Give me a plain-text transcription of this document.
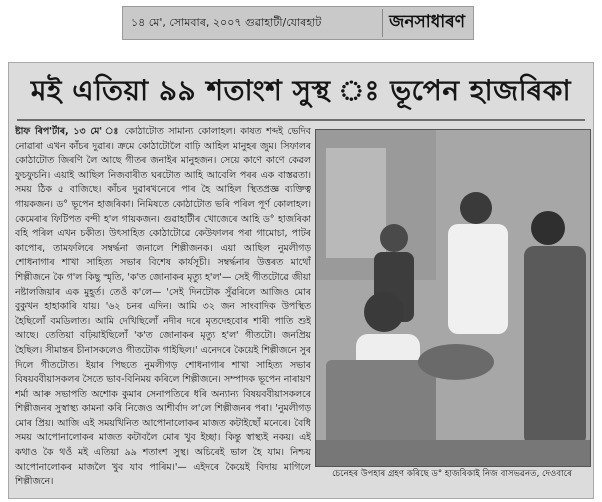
১৪ মে', সোমবাৰ, ২০০৭ গুৱাহাটী/যোৰহাট	জনসাধাৰণ
মই এতিয়া ৯৯ শতাংশ সুস্থ ঃ ভূপেন হাজৰিকা
ষ্টাফ ৰিপ'ৰ্টাৰ, ১৩ মে' ঃ কোঠাটোত সামান্য কোলাহল। কাষত শব্দই ভেদিব নোৱাৰা এখন কাঁচৰ দুৱাৰ। ক্ৰমে কোঠাটোলৈ বাঢ়ি আহিল মানুহৰ জুম। সিফালৰ কোঠাটোত জিৰণি লৈ আছে গীতৰ জনাইৰ মানুহজন। সেয়ে কাণে কাণে কেৱল ফুচফুচনি। এয়াই আছিল নিজবাৰীত ঘৰটোত আহি আবেলি পৰৰ এক বাস্তৱতা। সময় ঠিক ৫ বাজিছে। কাঁচৰ দুৱাৰখনেৰে পাৰ হৈ আহিল স্থিতপ্ৰজ্ঞ ব্যক্তিত্ব গায়কজন। ড° ভূপেন হাজৰিকা। নিমিষতে কোঠাটোত ভৰি পৰিল পূৰ্ণ কোলাহল। কেমেৰাৰ ফিটিপত বন্দী হ'ল গায়কজন। গুৱাহাটীৰ খোজেৰে আহি ড° হাজৰিকা বহি পৰিল এখন চকীত। উৎসাহিত কোঠাটোৱে কেউফালৰ পৰা গামোচা, পাটৰ কাপোৰ, তামফলিৰে সম্বৰ্দ্ধনা জনালে শিল্পীজনক। এয়া আছিল নুমলীগড় শোধনাগাৰ শাখা সাহিত্য সভাৰ বিশেষ কাৰ্যসূচী। সম্বৰ্দ্ধনাৰ উত্তৰত মাথোঁ শিল্পীজনে কৈ গ'ল কিছু স্মৃতি, 'ক'ত জোনাকৰ মৃত্যু হ'ল'— সেই গীতটোৱে জীয়া নষ্টালজিয়াৰ এক মুহূৰ্ত। তেওঁ ক'লে— 'সেই দিনটোক সুঁৱৰিলে আজিও মোৰ বুকুখন হাহাকাৰি যায়। '৬২ চনৰ এদিন। আমি ৩২ জন সাংবাদিক উপস্থিত হৈছিলোঁ বমডিলাত। আমি দেখিছিলোঁ নদীৰ দৰে মৃতদেহবোৰ শাৰী পাতি শুই আছে। তেতিয়া বঢ়িয়াইছিলোঁ 'ক'ত জোনাকৰ মৃত্যু হ'ল' গীতটো। জনপ্ৰিয় হৈছিল। সীমান্তৰ চীনাসকলেও গীতটোক গাইছিল।' এনেদৰে কৈয়েই শিল্পীজনে সুৰ দিলে গীতটোত। ইয়াৰ পিছতে নুমলীগড় শোধনাগাৰ শাখা সাহিত্য সভাৰ বিষয়ববীয়াসকলৰ সৈতে ভাব-বিনিময় কৰিলে শিল্পীজনে। সম্পাদক ভূপেন নাৰায়ণ শৰ্মা আৰু সভাপতি অশোক কুমাৰ সেনাপতিৰে ধৰি অন্যান্য বিষয়ববীয়াসকলৰে শিল্পীজনৰ সুস্বাস্থ্য কামনা কৰি নিজেও আশীৰ্বাদ ল'লে শিল্পীজনৰ পৰা। 'নুমলীগড় মোৰ প্ৰিয়। আজি এই সময়খিনিত আপোনালোকৰ মাজত কটাইছোঁ মনেৰে। বৈধি সময় আপোনালোকৰ মাজত কটাবলৈ মোৰ খুব ইচ্ছা। কিন্তু স্বাস্থ্যই নকয়। এই কথাও কৈ থওঁ মই এতিয়া ৯৯ শতাংশ সুস্থ। অচিৰেই ভাল হৈ যাম। নিশ্চয় আপোনালোকৰ মাজলৈ খুব যাব পাৰিম।'— এইদৰে কৈয়েই বিদায় মাগিলে শিল্পীজনে।
চেনেহৰ উপহাৰ গ্ৰহণ কৰিছে ড° হাজৰিকাই নিজ বাসভৱনত, দেওবাৰে
